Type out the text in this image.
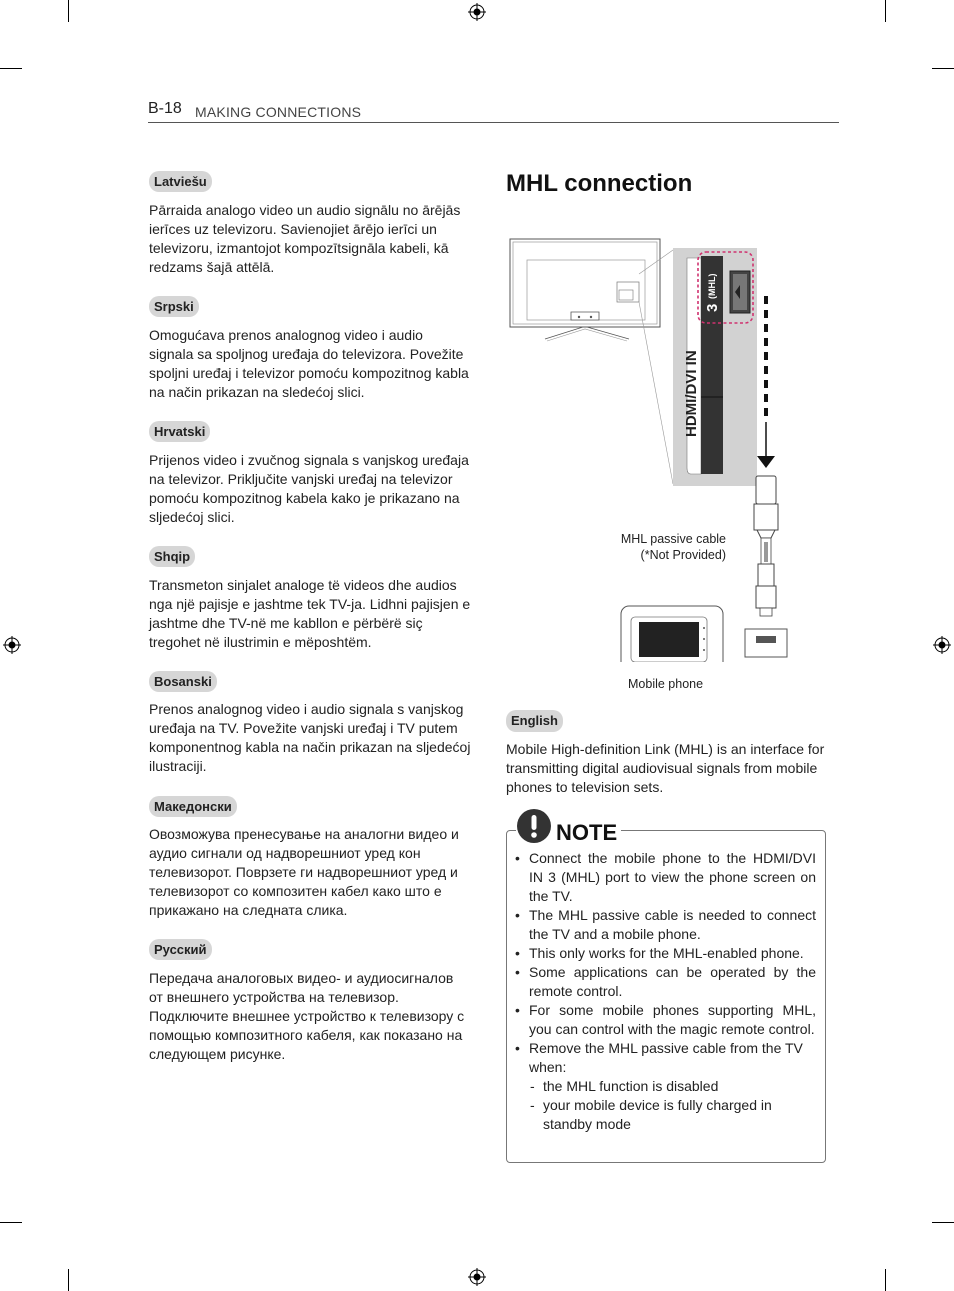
B-18 MAKING CONNECTIONS
Latviešu
Pārraida analogo video un audio signālu no ārējās ierīces uz televizoru. Savienojiet ārējo ierīci un televizoru, izmantojot kompozītsignāla kabeli, kā redzams šajā attēlā.
Srpski
Omogućava prenos analognog video i audio signala sa spoljnog uređaja do televizora. Povežite spoljni uređaj i televizor pomoću kompozitnog kabla na način prikazan na sledećoj slici.
Hrvatski
Prijenos video i zvučnog signala s vanjskog uređaja na televizor. Priključite vanjski uređaj na televizor pomoću kompozitnog kabela kako je prikazano na sljedećoj slici.
Shqip
Transmeton sinjalet analoge të videos dhe audios nga një pajisje e jashtme tek TV-ja. Lidhni pajisjen e jashtme dhe TV-në me kabllon e përbërë siç tregohet në ilustrimin e mëposhtëm.
Bosanski
Prenos analognog video i audio signala s vanjskog uređaja na TV. Povežite vanjski uređaj i TV putem komponentnog kabla na način prikazan na sljedećoj ilustraciji.
Македонски
Овозможува пренесување на аналогни видео и аудио сигнали од надворешниот уред кон телевизорот. Поврзете ги надворешниот уред и телевизорот со композитен кабел како што е прикажано на следната слика.
Русский
Передача аналоговых видео- и аудиосигналов от внешнего устройства на телевизор. Подключите внешнее устройство к телевизору с помощью композитного кабеля, как показано на следующем рисунке.
MHL connection
HDMI/DVI IN
3
(MHL)
MHL passive cable
(*Not Provided)
Mobile phone
English
Mobile High-definition Link (MHL) is an interface for transmitting digital audiovisual signals from mobile phones to television sets.
NOTE
• Connect the mobile phone to the HDMI/DVI IN 3 (MHL) port to view the phone screen on the TV.
• The MHL passive cable is needed to connect the TV and a mobile phone.
• This only works for the MHL-enabled phone.
• Some applications can be operated by the remote control.
• For some mobile phones supporting MHL, you can control with the magic remote control.
• Remove the MHL passive cable from the TV when:
- the MHL function is disabled
- your mobile device is fully charged in standby mode
